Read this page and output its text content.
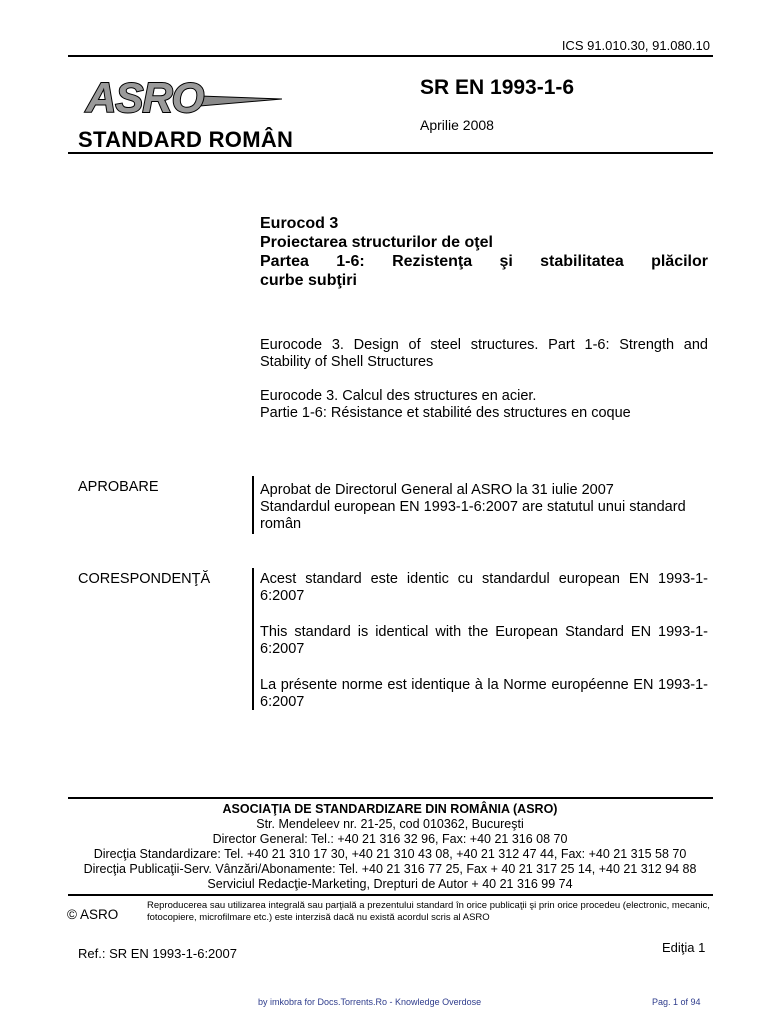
ICS 91.010.30, 91.080.10
ASRO
STANDARD ROMÂN
SR EN 1993-1-6
Aprilie 2008
Eurocod 3
Proiectarea structurilor de oţel
Partea 1-6: Rezistenţa şi stabilitatea plăcilor
curbe subţiri
Eurocode 3. Design of steel structures. Part 1-6: Strength and Stability of Shell Structures
Eurocode 3. Calcul des structures en acier.
Partie 1-6: Résistance et stabilité des structures en coque
APROBARE	Aprobat de Directorul General al ASRO la 31 iulie 2007
Standardul european EN 1993-1-6:2007 are statutul unui standard român
CORESPONDENŢĂ	Acest standard este identic cu standardul european EN 1993-1-6:2007
This standard is identical with the European Standard EN 1993-1-6:2007
La présente norme est identique à la Norme européenne EN 1993-1-6:2007
ASOCIAŢIA DE STANDARDIZARE DIN ROMÂNIA (ASRO)
Str. Mendeleev nr. 21-25, cod 010362, Bucureşti
Director General: Tel.: +40 21 316 32 96, Fax: +40 21 316 08 70
Direcţia Standardizare: Tel. +40 21 310 17 30, +40 21 310 43 08, +40 21 312 47 44, Fax: +40 21 315 58 70
Direcţia Publicaţii-Serv. Vânzări/Abonamente: Tel. +40 21 316 77 25, Fax + 40 21 317 25 14, +40 21 312 94 88
Serviciul Redacţie-Marketing, Drepturi de Autor + 40 21 316 99 74
© ASRO
Reproducerea sau utilizarea integrală sau parţială a prezentului standard în orice publicaţii şi prin orice procedeu (electronic, mecanic, fotocopiere, microfilmare etc.) este interzisă dacă nu există acordul scris al ASRO
Ref.: SR EN 1993-1-6:2007	Ediţia 1
by imkobra for Docs.Torrents.Ro - Knowledge Overdose	Pag. 1 of 94
